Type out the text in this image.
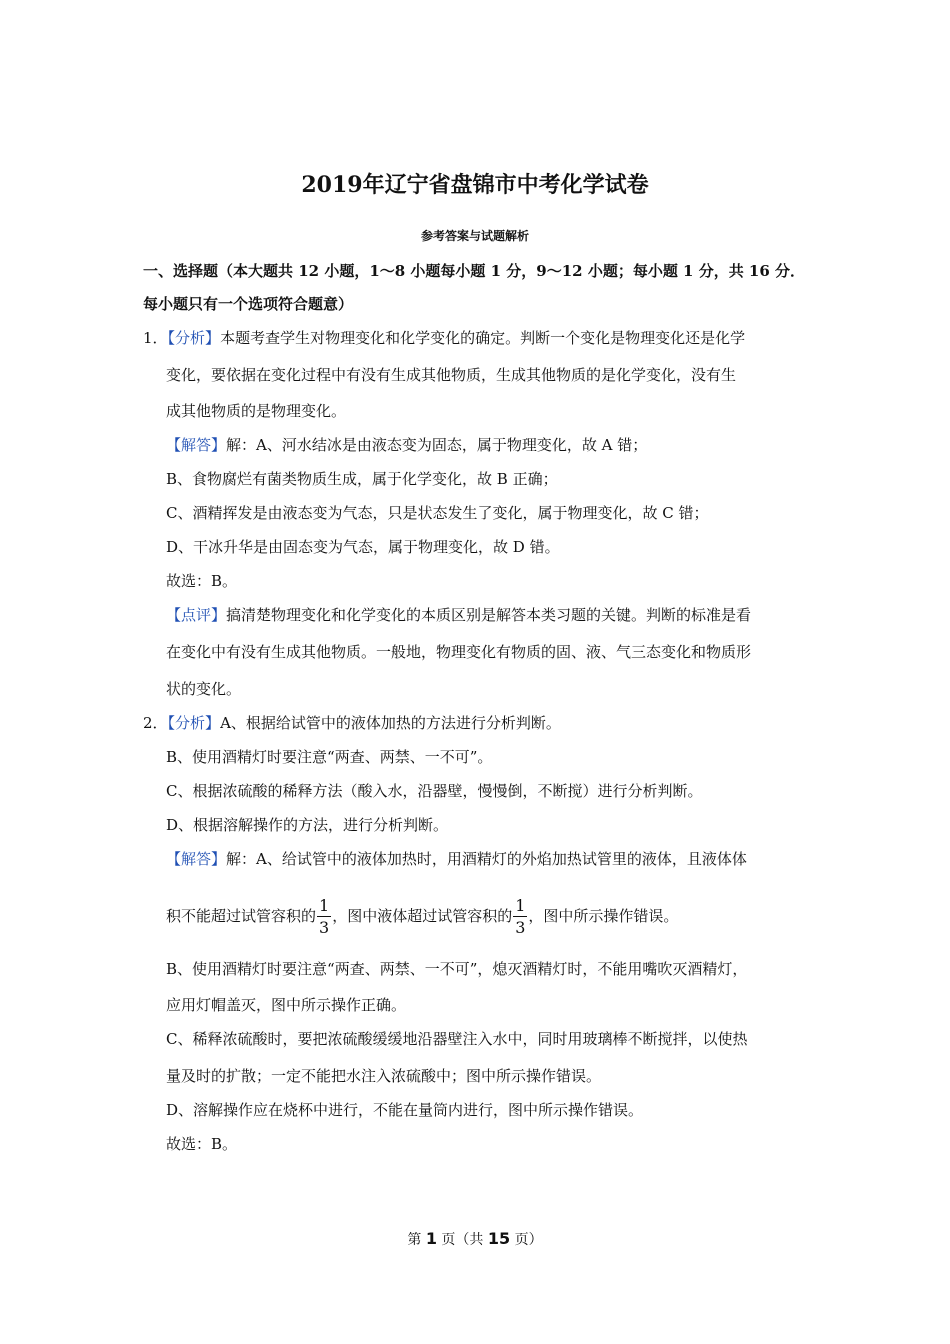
2019年辽宁省盘锦市中考化学试卷
参考答案与试题解析
一、选择题（本大题共 12 小题，1～8 小题每小题 1 分，9～12 小题；每小题 1 分，共 16 分．
每小题只有一个选项符合题意）
1．【分析】本题考查学生对物理变化和化学变化的确定。判断一个变化是物理变化还是化学
变化，要依据在变化过程中有没有生成其他物质，生成其他物质的是化学变化，没有生
成其他物质的是物理变化。
【解答】解：A、河水结冰是由液态变为固态，属于物理变化，故 A 错；
B、食物腐烂有菌类物质生成，属于化学变化，故 B 正确；
C、酒精挥发是由液态变为气态，只是状态发生了变化，属于物理变化，故 C 错；
D、干冰升华是由固态变为气态，属于物理变化，故 D 错。
故选：B。
【点评】搞清楚物理变化和化学变化的本质区别是解答本类习题的关键。判断的标准是看
在变化中有没有生成其他物质。一般地，物理变化有物质的固、液、气三态变化和物质形
状的变化。
2．【分析】A、根据给试管中的液体加热的方法进行分析判断。
B、使用酒精灯时要注意“两查、两禁、一不可”。
C、根据浓硫酸的稀释方法（酸入水，沿器壁，慢慢倒，不断搅）进行分析判断。
D、根据溶解操作的方法，进行分析判断。
【解答】解：A、给试管中的液体加热时，用酒精灯的外焰加热试管里的液体，且液体体
积不能超过试管容积的 $\frac{1}{3}$ ，图中液体超过试管容积的 $\frac{1}{3}$ ，图中所示操作错误。
B、使用酒精灯时要注意“两查、两禁、一不可”，熄灭酒精灯时，不能用嘴吹灭酒精灯，
应用灯帽盖灭，图中所示操作正确。
C、稀释浓硫酸时，要把浓硫酸缓缓地沿器壁注入水中，同时用玻璃棒不断搅拌，以使热
量及时的扩散；一定不能把水注入浓硫酸中；图中所示操作错误。
D、溶解操作应在烧杯中进行，不能在量筒内进行，图中所示操作错误。
故选：B。
第 1 页（共 15 页）
